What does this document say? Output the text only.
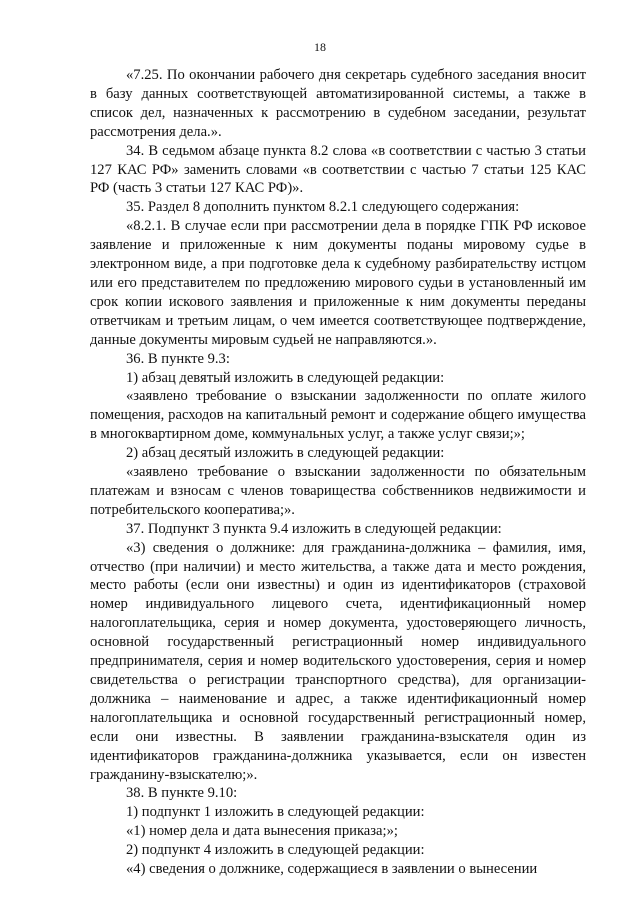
18

«7.25. По окончании рабочего дня секретарь судебного заседания вносит в базу данных соответствующей автоматизированной системы, а также в список дел, назначенных к рассмотрению в судебном заседании, результат рассмотрения дела.».

34. В седьмом абзаце пункта 8.2 слова «в соответствии с частью 3 статьи 127 КАС РФ» заменить словами «в соответствии с частью 7 статьи 125 КАС РФ (часть 3 статьи 127 КАС РФ)».

35. Раздел 8 дополнить пунктом 8.2.1 следующего содержания:

«8.2.1. В случае если при рассмотрении дела в порядке ГПК РФ исковое заявление и приложенные к ним документы поданы мировому судье в электронном виде, а при подготовке дела к судебному разбирательству истцом или его представителем по предложению мирового судьи в установленный им срок копии искового заявления и приложенные к ним документы переданы ответчикам и третьим лицам, о чем имеется соответствующее подтверждение, данные документы мировым судьей не направляются.».

36. В пункте 9.3:

1) абзац девятый изложить в следующей редакции:

«заявлено требование о взыскании задолженности по оплате жилого помещения, расходов на капитальный ремонт и содержание общего имущества в многоквартирном доме, коммунальных услуг, а также услуг связи;»;

2) абзац десятый изложить в следующей редакции:

«заявлено требование о взыскании задолженности по обязательным платежам и взносам с членов товарищества собственников недвижимости и потребительского кооператива;».

37. Подпункт 3 пункта 9.4 изложить в следующей редакции:

«3) сведения о должнике: для гражданина-должника – фамилия, имя, отчество (при наличии) и место жительства, а также дата и место рождения, место работы (если они известны) и один из идентификаторов (страховой номер индивидуального лицевого счета, идентификационный номер налогоплательщика, серия и номер документа, удостоверяющего личность, основной государственный регистрационный номер индивидуального предпринимателя, серия и номер водительского удостоверения, серия и номер свидетельства о регистрации транспортного средства), для организации-должника – наименование и адрес, а также идентификационный номер налогоплательщика и основной государственный регистрационный номер, если они известны. В заявлении гражданина-взыскателя один из идентификаторов гражданина-должника указывается, если он известен гражданину-взыскателю;».

38. В пункте 9.10:

1) подпункт 1 изложить в следующей редакции:

«1) номер дела и дата вынесения приказа;»;

2) подпункт 4 изложить в следующей редакции:

«4) сведения о должнике, содержащиеся в заявлении о вынесении
